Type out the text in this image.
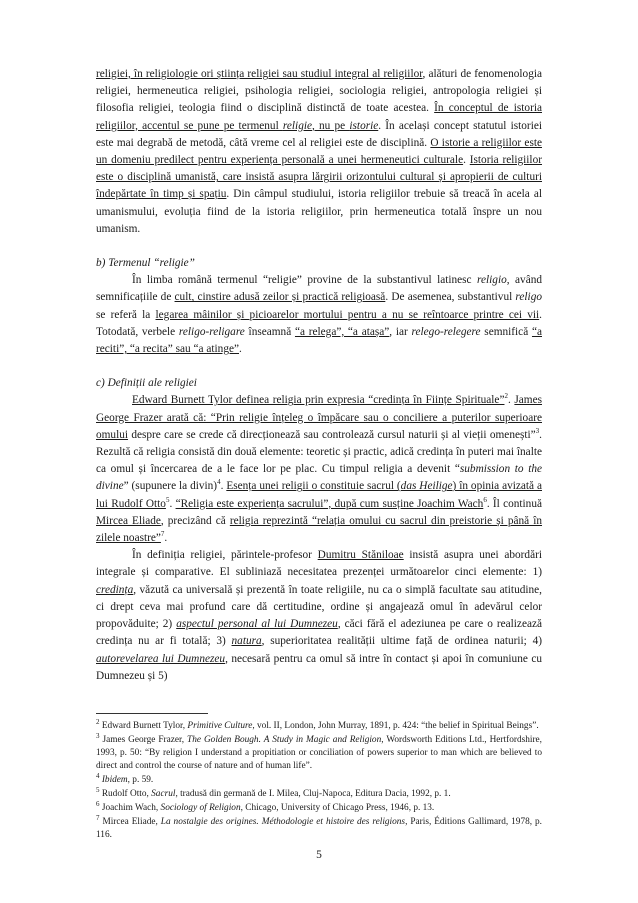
religiei, în religiologie ori știința religiei sau studiul integral al religiilor, alături de fenomenologia religiei, hermeneutica religiei, psihologia religiei, sociologia religiei, antropologia religiei și filosofia religiei, teologia fiind o disciplină distinctă de toate acestea. În conceptul de istoria religiilor, accentul se pune pe termenul religie, nu pe istorie. În același concept statutul istoriei este mai degrabă de metodă, câtă vreme cel al religiei este de disciplină. O istorie a religiilor este un domeniu predilect pentru experiența personală a unei hermeneutici culturale. Istoria religiilor este o disciplină umanistă, care insistă asupra lărgirii orizontului cultural și apropierii de culturi îndepărtate în timp și spațiu. Din câmpul studiului, istoria religiilor trebuie să treacă în acela al umanismului, evoluția fiind de la istoria religiilor, prin hermeneutica totală înspre un nou umanism.

b) Termenul “religie”

În limba română termenul “religie” provine de la substantivul latinesc religio, având semnificațiile de cult, cinstire adusă zeilor și practică religioasă. De asemenea, substantivul religo se referă la legarea mâinilor și picioarelor mortului pentru a nu se reîntoarce printre cei vii. Totodată, verbele religo-religare înseamnă “a relega”, “a atașa”, iar relego-relegere semnifică “a reciti”, “a recita” sau “a atinge”.

c) Definiții ale religiei

Edward Burnett Tylor definea religia prin expresia “credința în Ființe Spirituale”$^2$. James George Frazer arată că: “Prin religie înțeleg o împăcare sau o conciliere a puterilor superioare omului despre care se crede că direcționează sau controlează cursul naturii și al vieții omenești”$^3$. Rezultă că religia consistă din două elemente: teoretic și practic, adică credința în puteri mai înalte ca omul și încercarea de a le face lor pe plac. Cu timpul religia a devenit “submission to the divine” (supunere la divin)$^4$. Esența unei religii o constituie sacrul (das Heilige) în opinia avizată a lui Rudolf Otto$^5$. “Religia este experiența sacrului”, după cum susține Joachim Wach$^6$. Îl continuă Mircea Eliade, precizând că religia reprezintă “relația omului cu sacrul din preistorie și până în zilele noastre”$^7$.

În definiția religiei, părintele-profesor Dumitru Stăniloae insistă asupra unei abordări integrale și comparative. El subliniază necesitatea prezenței următoarelor cinci elemente: 1) credința, văzută ca universală și prezentă în toate religiile, nu ca o simplă facultate sau atitudine, ci drept ceva mai profund care dă certitudine, ordine și angajează omul în adevărul celor propovăduite; 2) aspectul personal al lui Dumnezeu, căci fără el adeziunea pe care o realizează credința nu ar fi totală; 3) natura, superioritatea realității ultime față de ordinea naturii; 4) autorevelarea lui Dumnezeu, necesară pentru ca omul să intre în contact și apoi în comuniune cu Dumnezeu și 5)

$^2$ Edward Burnett Tylor, Primitive Culture, vol. II, London, John Murray, 1891, p. 424: “the belief in Spiritual Beings”.

$^3$ James George Frazer, The Golden Bough. A Study in Magic and Religion, Wordsworth Editions Ltd., Hertfordshire, 1993, p. 50: “By religion I understand a propitiation or conciliation of powers superior to man which are believed to direct and control the course of nature and of human life”.

$^4$ Ibidem, p. 59.

$^5$ Rudolf Otto, Sacrul, tradusă din germană de I. Milea, Cluj-Napoca, Editura Dacia, 1992, p. 1.

$^6$ Joachim Wach, Sociology of Religion, Chicago, University of Chicago Press, 1946, p. 13.

$^7$ Mircea Eliade, La nostalgie des origines. Méthodologie et histoire des religions, Paris, Éditions Gallimard, 1978, p. 116.

5
